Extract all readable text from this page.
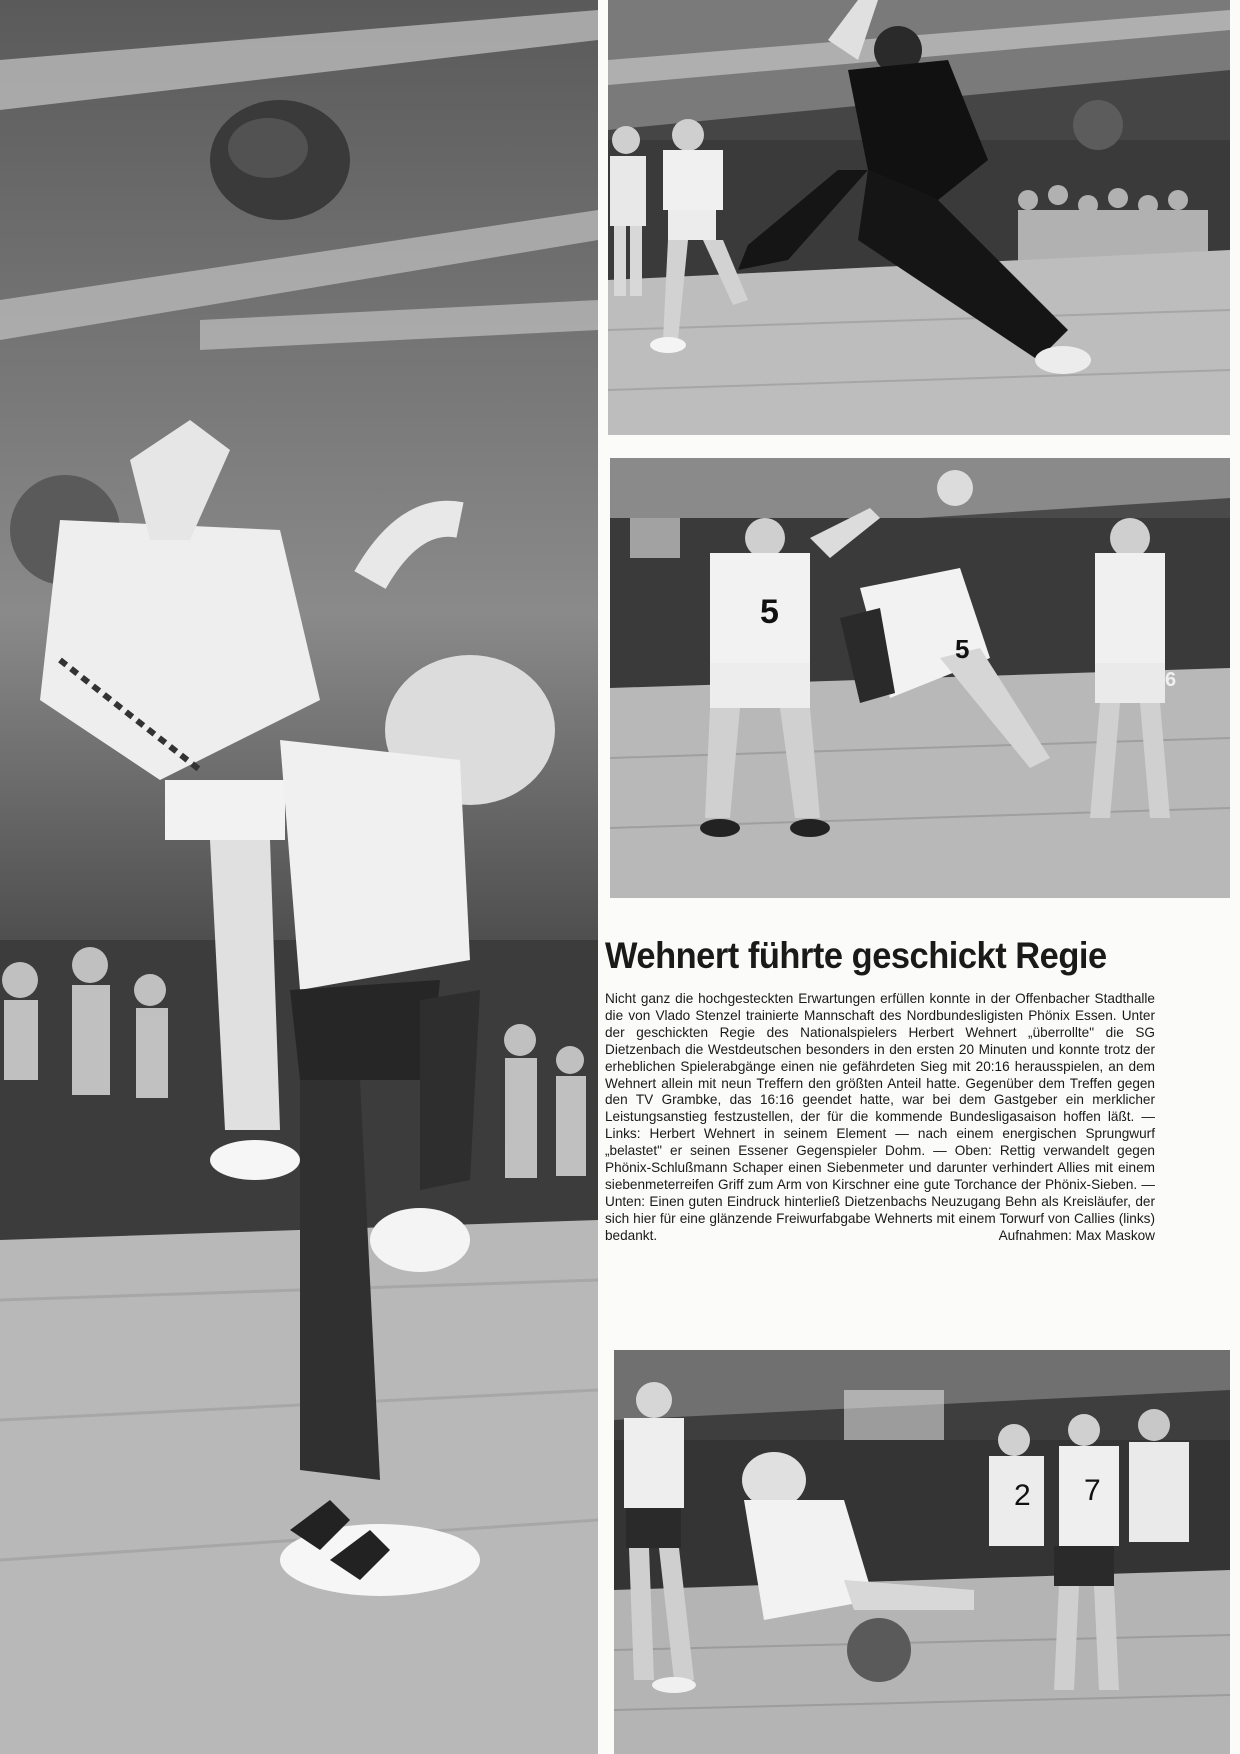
5
5
6
Wehnert führte geschickt Regie

Nicht ganz die hochgesteckten Erwartungen erfüllen konnte in der Offenbacher Stadthalle die von Vlado Stenzel trainierte Mannschaft des Nordbundesligisten Phönix Essen. Unter der geschickten Regie des Nationalspielers Herbert Wehnert „überrollte" die SG Dietzenbach die Westdeutschen besonders in den ersten 20 Minuten und konnte trotz der erheblichen Spielerabgänge einen nie gefährdeten Sieg mit 20:16 herausspielen, an dem Wehnert allein mit neun Treffern den größten Anteil hatte. Gegenüber dem Treffen gegen den TV Grambke, das 16:16 geendet hatte, war bei dem Gastgeber ein merklicher Leistungsanstieg festzustellen, der für die kommende Bundesligasaison hoffen läßt. — Links: Herbert Wehnert in seinem Element — nach einem energischen Sprungwurf „belastet" er seinen Essener Gegenspieler Dohm. — Oben: Rettig verwandelt gegen Phönix-Schlußmann Schaper einen Siebenmeter und darunter verhindert Allies mit einem siebenmeterreifen Griff zum Arm von Kirschner eine gute Torchance der Phönix-Sieben. — Unten: Einen guten Eindruck hinterließ Dietzenbachs Neuzugang Behn als Kreisläufer, der sich hier für eine glänzende Freiwurfabgabe Wehnerts mit einem Torwurf von Callies (links) bedankt.	Aufnahmen: Max Maskow

2 7
